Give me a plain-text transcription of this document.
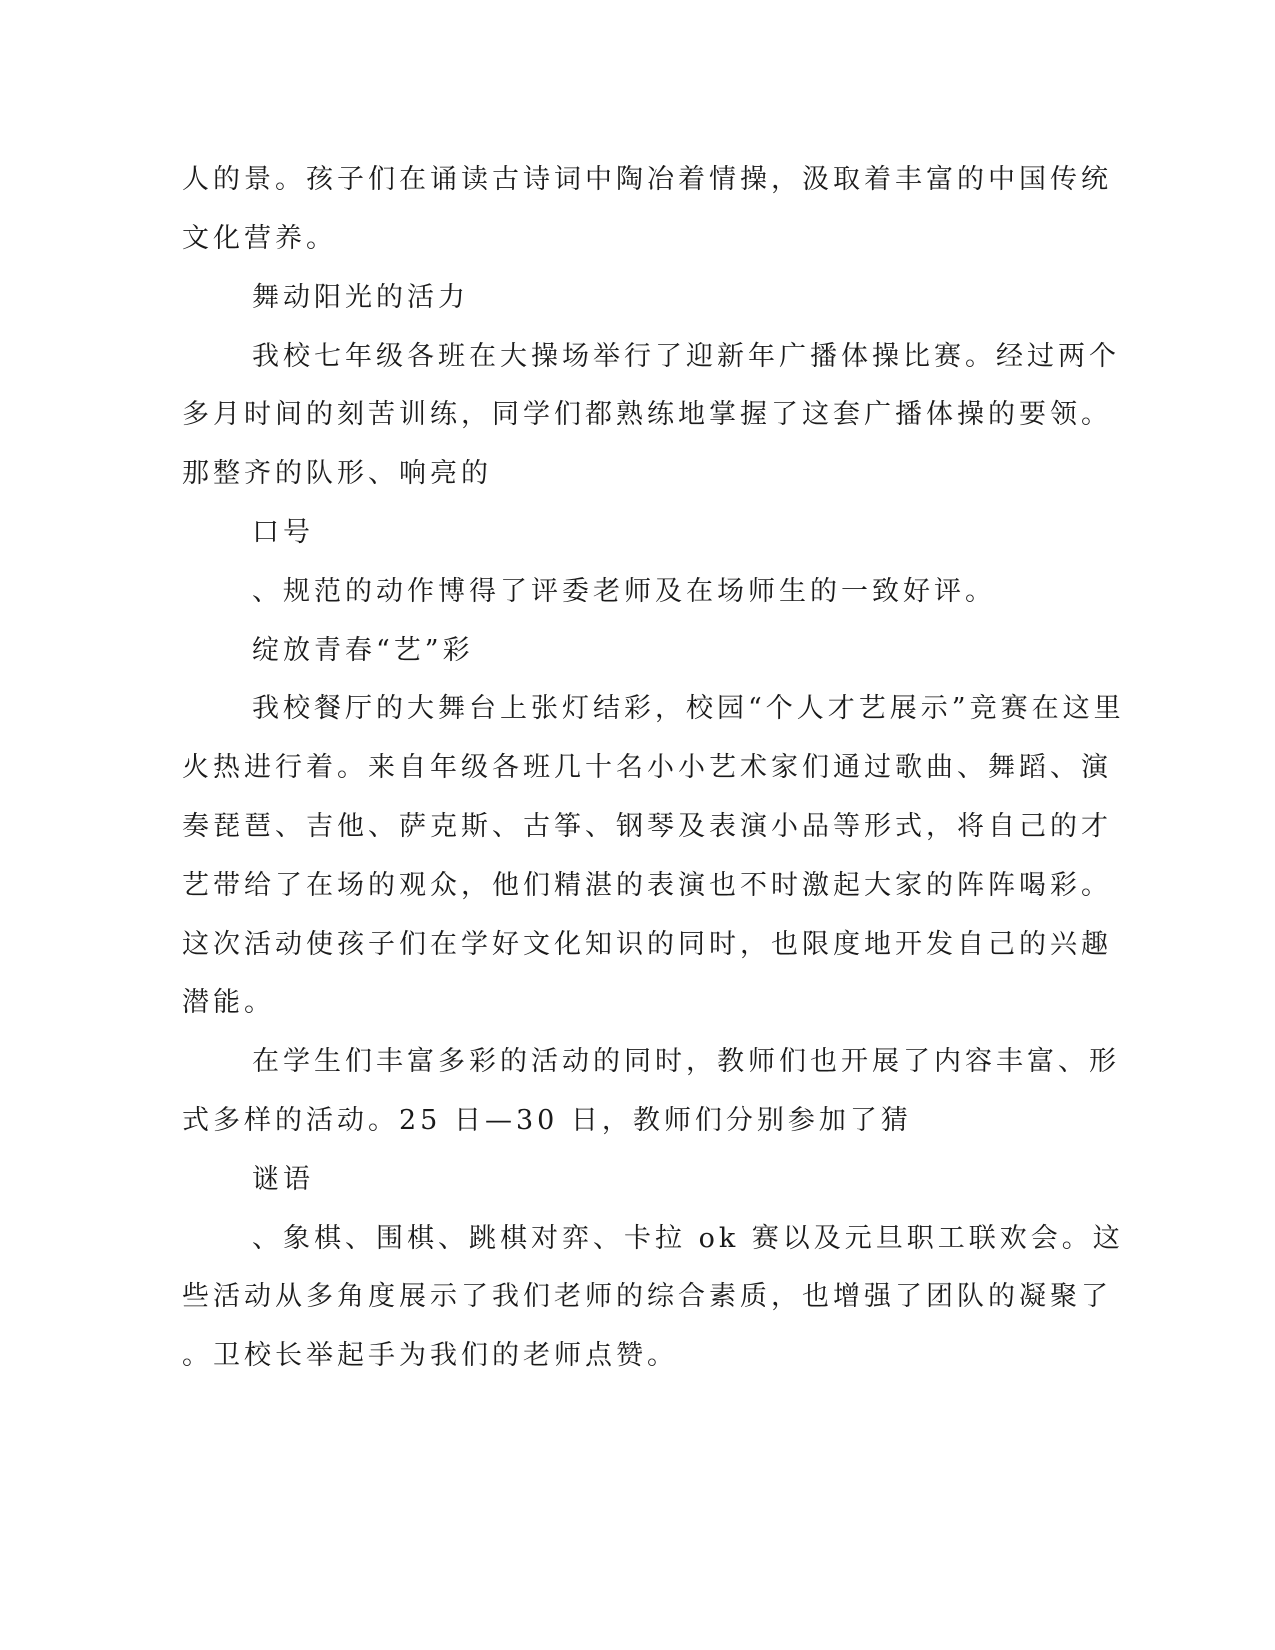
人的景。孩子们在诵读古诗词中陶冶着情操，汲取着丰富的中国传统
文化营养。
舞动阳光的活力
我校七年级各班在大操场举行了迎新年广播体操比赛。经过两个
多月时间的刻苦训练，同学们都熟练地掌握了这套广播体操的要领。
那整齐的队形、响亮的
口号
、规范的动作博得了评委老师及在场师生的一致好评。
绽放青春“艺”彩
我校餐厅的大舞台上张灯结彩，校园“个人才艺展示”竞赛在这里
火热进行着。来自年级各班几十名小小艺术家们通过歌曲、舞蹈、演
奏琵琶、吉他、萨克斯、古筝、钢琴及表演小品等形式，将自己的才
艺带给了在场的观众，他们精湛的表演也不时激起大家的阵阵喝彩。
这次活动使孩子们在学好文化知识的同时，也限度地开发自己的兴趣
潜能。
在学生们丰富多彩的活动的同时，教师们也开展了内容丰富、形
式多样的活动。25 日—30 日，教师们分别参加了猜
谜语
、象棋、围棋、跳棋对弈、卡拉 ok 赛以及元旦职工联欢会。这
些活动从多角度展示了我们老师的综合素质，也增强了团队的凝聚了
。卫校长举起手为我们的老师点赞。
